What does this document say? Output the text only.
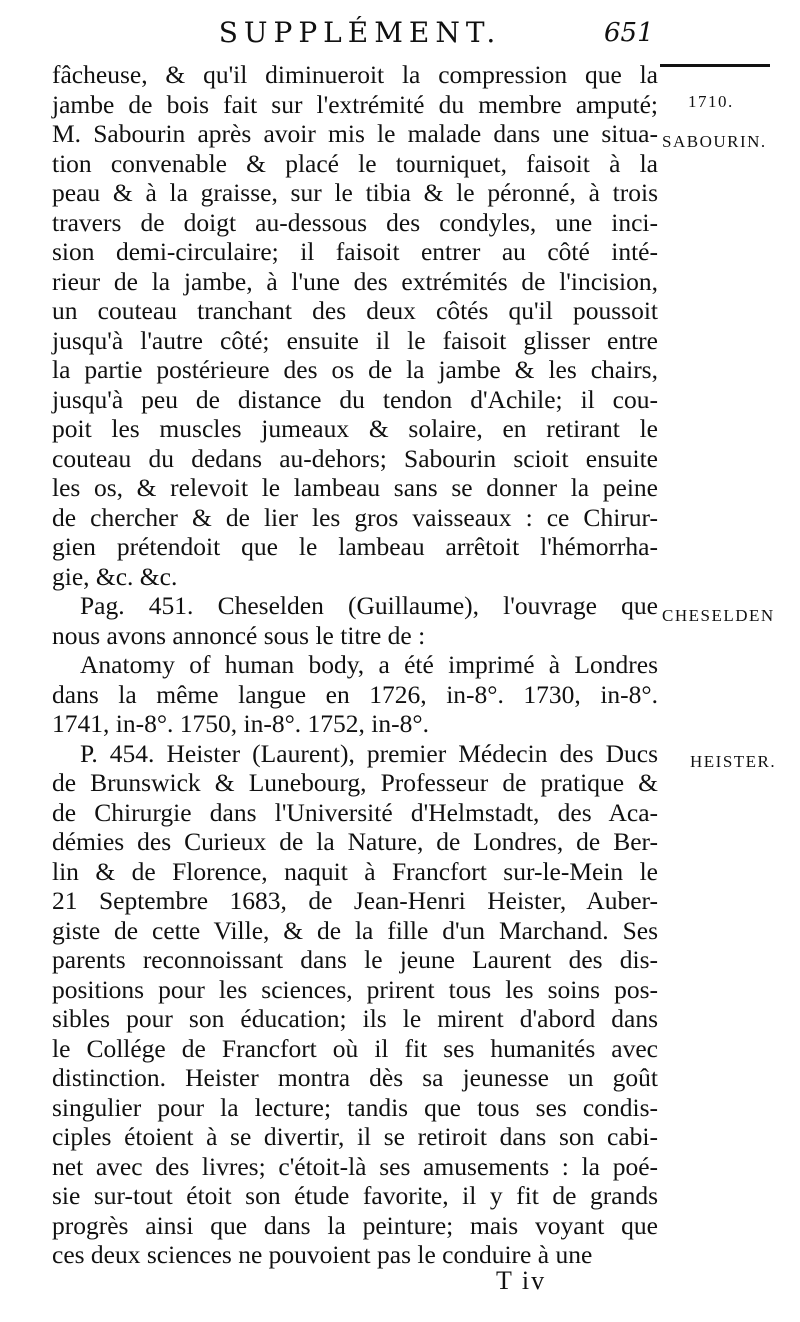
SUPPLÉMENT.	651
1710.
SABOURIN.
CHESELDEN
HEISTER.
fâcheuse, & qu'il diminueroit la compression que la
jambe de bois fait sur l'extrémité du membre amputé;
M. Sabourin après avoir mis le malade dans une situa-
tion convenable & placé le tourniquet, faisoit à la
peau & à la graisse, sur le tibia & le péronné, à trois
travers de doigt au-dessous des condyles, une inci-
sion demi-circulaire; il faisoit entrer au côté inté-
rieur de la jambe, à l'une des extrémités de l'incision,
un couteau tranchant des deux côtés qu'il poussoit
jusqu'à l'autre côté; ensuite il le faisoit glisser entre
la partie postérieure des os de la jambe & les chairs,
jusqu'à peu de distance du tendon d'Achile; il cou-
poit les muscles jumeaux & solaire, en retirant le
couteau du dedans au-dehors; Sabourin scioit ensuite
les os, & relevoit le lambeau sans se donner la peine
de chercher & de lier les gros vaisseaux : ce Chirur-
gien prétendoit que le lambeau arrêtoit l'hémorrha-
gie, &c. &c.
Pag. 451. Cheselden (Guillaume), l'ouvrage que
nous avons annoncé sous le titre de :
Anatomy of human body, a été imprimé à Londres
dans la même langue en 1726, in-8°. 1730, in-8°.
1741, in-8°. 1750, in-8°. 1752, in-8°.
P. 454. Heister (Laurent), premier Médecin des Ducs
de Brunswick & Lunebourg, Professeur de pratique &
de Chirurgie dans l'Université d'Helmstadt, des Aca-
démies des Curieux de la Nature, de Londres, de Ber-
lin & de Florence, naquit à Francfort sur-le-Mein le
21 Septembre 1683, de Jean-Henri Heister, Auber-
giste de cette Ville, & de la fille d'un Marchand. Ses
parents reconnoissant dans le jeune Laurent des dis-
positions pour les sciences, prirent tous les soins pos-
sibles pour son éducation; ils le mirent d'abord dans
le Collége de Francfort où il fit ses humanités avec
distinction. Heister montra dès sa jeunesse un goût
singulier pour la lecture; tandis que tous ses condis-
ciples étoient à se divertir, il se retiroit dans son cabi-
net avec des livres; c'étoit-là ses amusements : la poé-
sie sur-tout étoit son étude favorite, il y fit de grands
progrès ainsi que dans la peinture; mais voyant que
ces deux sciences ne pouvoient pas le conduire à une
T iv
